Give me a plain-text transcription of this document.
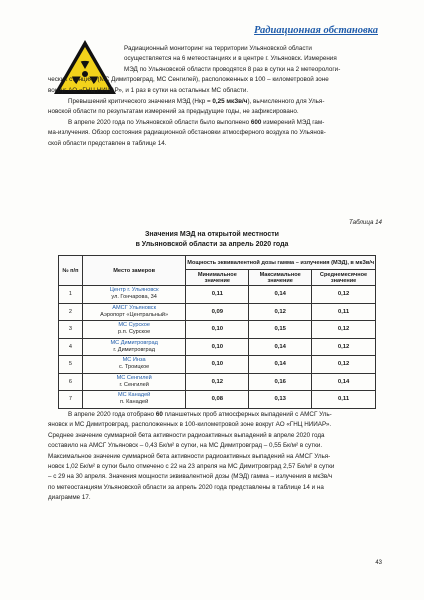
Радиационная обстановка

Радиационный мониторинг на территории Ульяновской области

осуществляется на 6 метеостанциях и в центре г. Ульяновск. Измерения

МЭД по Ульяновской области проводятся 8 раз в сутки на 2 метеорологи-

ческих станциях (МС Димитровград, МС Сенгилей), расположенных в 100 – километровой зоне

вокруг АО «ГНЦ НИИАР», и 1 раз в сутки на остальных МС области.

Превышений критического значения МЭД (Нкр = 0,25 мкЗв/ч), вычисленного для Улья-

новской области по результатам измерений за предыдущие годы, не зафиксировано.

В апреле 2020 года по Ульяновской области было выполнено 600 измерений МЭД гам-

ма-излучения. Обзор состояния радиационной обстановки атмосферного воздуха по Ульянов-

ской области представлен в таблице 14.

Таблица 14
Значения МЭД на открытой местности
в Ульяновской области за апрель 2020 года
№ п/п	Место замеров	Мощность эквивалентной дозы гамма – излучения (МЭД), в мкЗв/ч		
		Минимальное значение	Максимальное значение	Среднемесячное значение
1	Центр г. Ульяновск
ул. Гончарова, 34	0,11	0,14	0,12
2	АМСГ Ульяновск
Аэропорт «Центральный»	0,09	0,12	0,11
3	МС Сурское
р.п. Сурское	0,10	0,15	0,12
4	МС Димитровград
г. Димитровград	0,10	0,14	0,12
5	МС Инза
с. Троицкое	0,10	0,14	0,12
6	МС Сенгилей
г. Сенгилей	0,12	0,16	0,14
7	МС Канадей
п. Канадей	0,08	0,13	0,11

В апреле 2020 года отобрано 60 планшетных проб атмосферных выпадений с АМСГ Уль-

яновск и МС Димитровград, расположенных в 100-километровой зоне вокруг АО «ГНЦ НИИАР».

Среднее значение суммарной бета активности радиоактивных выпадений в апреле 2020 года

составило на АМСГ Ульяновск – 0,43 Бк/м² в сутки, на МС Димитровград – 0,55 Бк/м² в сутки.

Максимальное значение суммарной бета активности радиоактивных выпадений на АМСГ Улья-

новск 1,02 Бк/м² в сутки было отмечено с 22 на 23 апреля на МС Димитровград 2,57 Бк/м² в сутки

– с 29 на 30 апреля. Значения мощности эквивалентной дозы (МЭД) гамма – излучения в мкЗв/ч

по метеостанциям Ульяновской области за апрель 2020 года представлены в таблице 14 и на

диаграмме 17.

43
